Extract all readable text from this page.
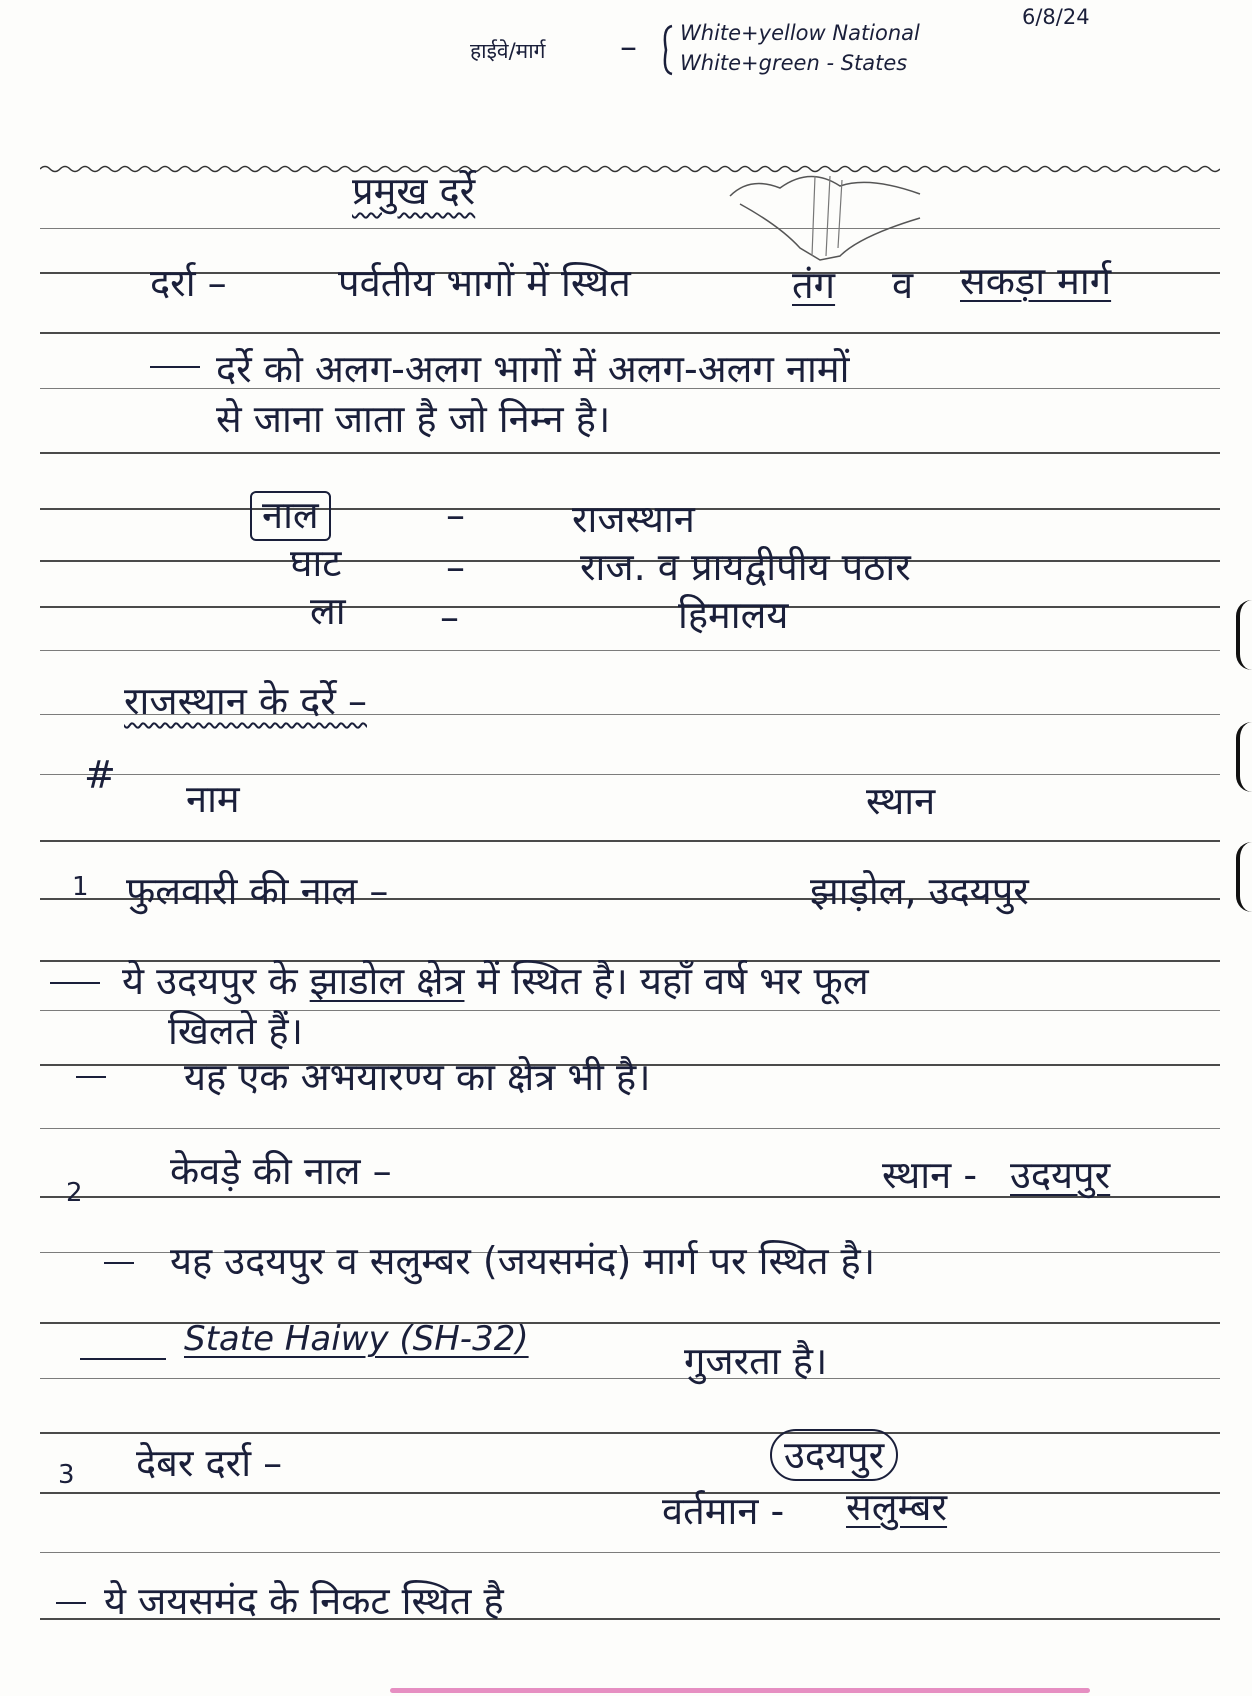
हाईवे/मार्ग – White+yellow National
White+green - States
6/8/24
प्रमुख दर्रे
दर्रा –	पर्वतीय भागों में स्थित	तंग व सकड़ा मार्ग
दर्रे को अलग-अलग भागों में अलग-अलग नामों
से जाना जाता है जो निम्न है।
नाल	–	राजस्थान
घाट	–	राज. व प्रायद्वीपीय पठार
ला –	हिमालय
राजस्थान के दर्रे –
#
नाम	स्थान
1 फुलवारी की नाल –	झाड़ोल, उदयपुर
ये उदयपुर के झाडोल क्षेत्र में स्थित है। यहाँ वर्ष भर फूल
खिलते हैं।
यह एक अभयारण्य का क्षेत्र भी है।
2 केवड़े की नाल –	स्थान - उदयपुर
यह उदयपुर व सलुम्बर (जयसमंद) मार्ग पर स्थित है।
State Haiwy (SH-32)	गुजरता है।
3 देबर दर्रा –	उदयपुर
वर्तमान - सलुम्बर
ये जयसमंद के निकट स्थित है
